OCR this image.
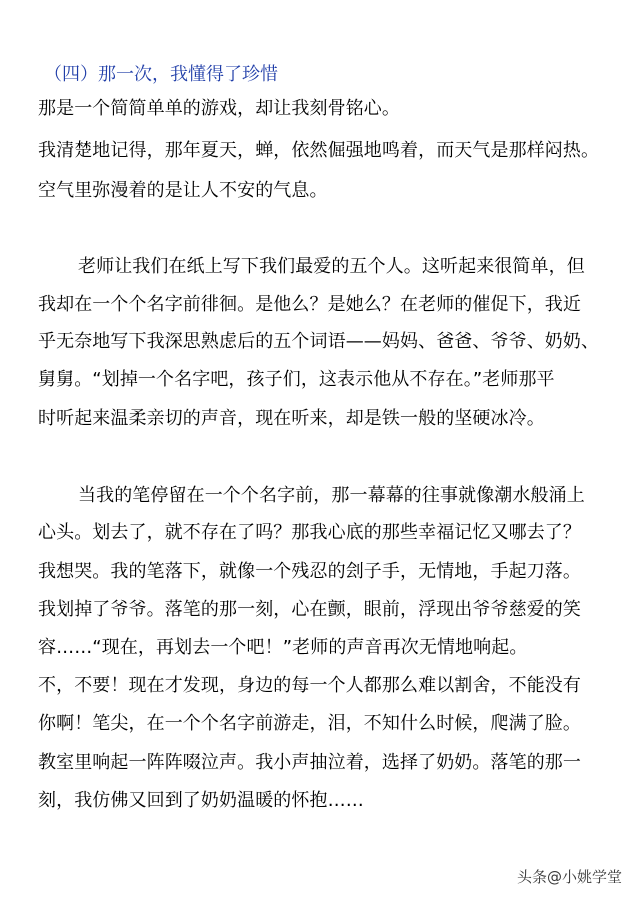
（四）那一次，我懂得了珍惜
那是一个简简单单的游戏，却让我刻骨铭心。
我清楚地记得，那年夏天，蝉，依然倔强地鸣着，而天气是那样闷热。
空气里弥漫着的是让人不安的气息。
老师让我们在纸上写下我们最爱的五个人。这听起来很简单，但
我却在一个个名字前徘徊。是他么？是她么？在老师的催促下，我近
乎无奈地写下我深思熟虑后的五个词语——妈妈、爸爸、爷爷、奶奶、
舅舅。“划掉一个名字吧，孩子们，这表示他从不存在。”老师那平
时听起来温柔亲切的声音，现在听来，却是铁一般的坚硬冰冷。
当我的笔停留在一个个名字前，那一幕幕的往事就像潮水般涌上
心头。划去了，就不存在了吗？那我心底的那些幸福记忆又哪去了？
我想哭。我的笔落下，就像一个残忍的刽子手，无情地，手起刀落。
我划掉了爷爷。落笔的那一刻，心在颤，眼前，浮现出爷爷慈爱的笑
容……“现在，再划去一个吧！”老师的声音再次无情地响起。
不，不要！现在才发现，身边的每一个人都那么难以割舍，不能没有
你啊！笔尖，在一个个名字前游走，泪，不知什么时候，爬满了脸。
教室里响起一阵阵啜泣声。我小声抽泣着，选择了奶奶。落笔的那一
刻，我仿佛又回到了奶奶温暖的怀抱……
头条@小姚学堂
